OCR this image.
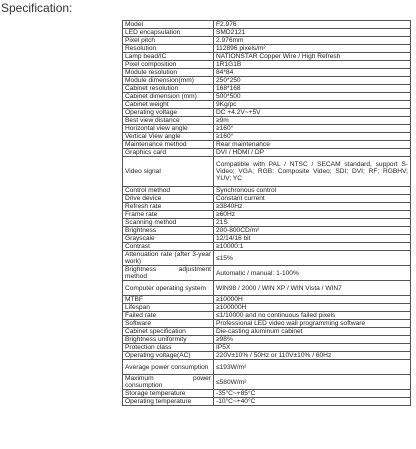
Specification:
Model	F2.976
LED encapsulation	SMD2121
Pixel pitch	2.976mm
Resolution	112896 pixels/m²
Lamp bead/IC	NATIONSTAR Copper Wire / High Refresh
Pixel composition	1R1G1B
Module resolution	84*84
Module dimension(mm)	250*250
Cabinet resolution	168*168
Cabinet dimension (mm)	500*500
Cabinet weight	9Kg/pc
Operating voltage	DC +4.2V~+5V
Best view distance	≥9m
Horizontal view angle	≥160°
Vertical View angle	≥160°
Maintenance method	Rear maintenance
Graphics card	DVI / HDMI / DP
Video signal	Compatible with PAL / NTSC / SECAM standard, support S-Video; VGA; RGB; Composite Video; SDI; DVI; RF; RGBHV; YUV; YC
Control method	Synchronous control
Drive device	Constant current
Refresh rate	≥3840Hz
Frame rate	≥60Hz
Scanning method	21S
Brightness	200-800CD/m²
Grayscale	12/14/16 bit
Contrast	≥10000:1
Attenuation rate (after 3-year work)	≤15%
Brightness adjustment method	Automatic / manual: 1-100%
Computer operating system	WIN98 / 2000 / WIN XP / WIN Vista / WIN7
MTBF	≥10000H
Lifespan	≥100000H
Failed rate	≤1/10000 and no continuous failed pixels
Software	Professional LED video wall programming software
Cabinet specification	Die-casting aluminum cabinet
Brightness uniformity	≥98%
Protection class	IP5X
Operating voltage(AC)	220V±10% / 50Hz or 110V±10% / 60Hz
Average power consumption	≤193W/m²
Maximum power consumption	≤580W/m²
Storage temperature	-35°C~+85°C
Operating temperature	-10°C~+40°C
